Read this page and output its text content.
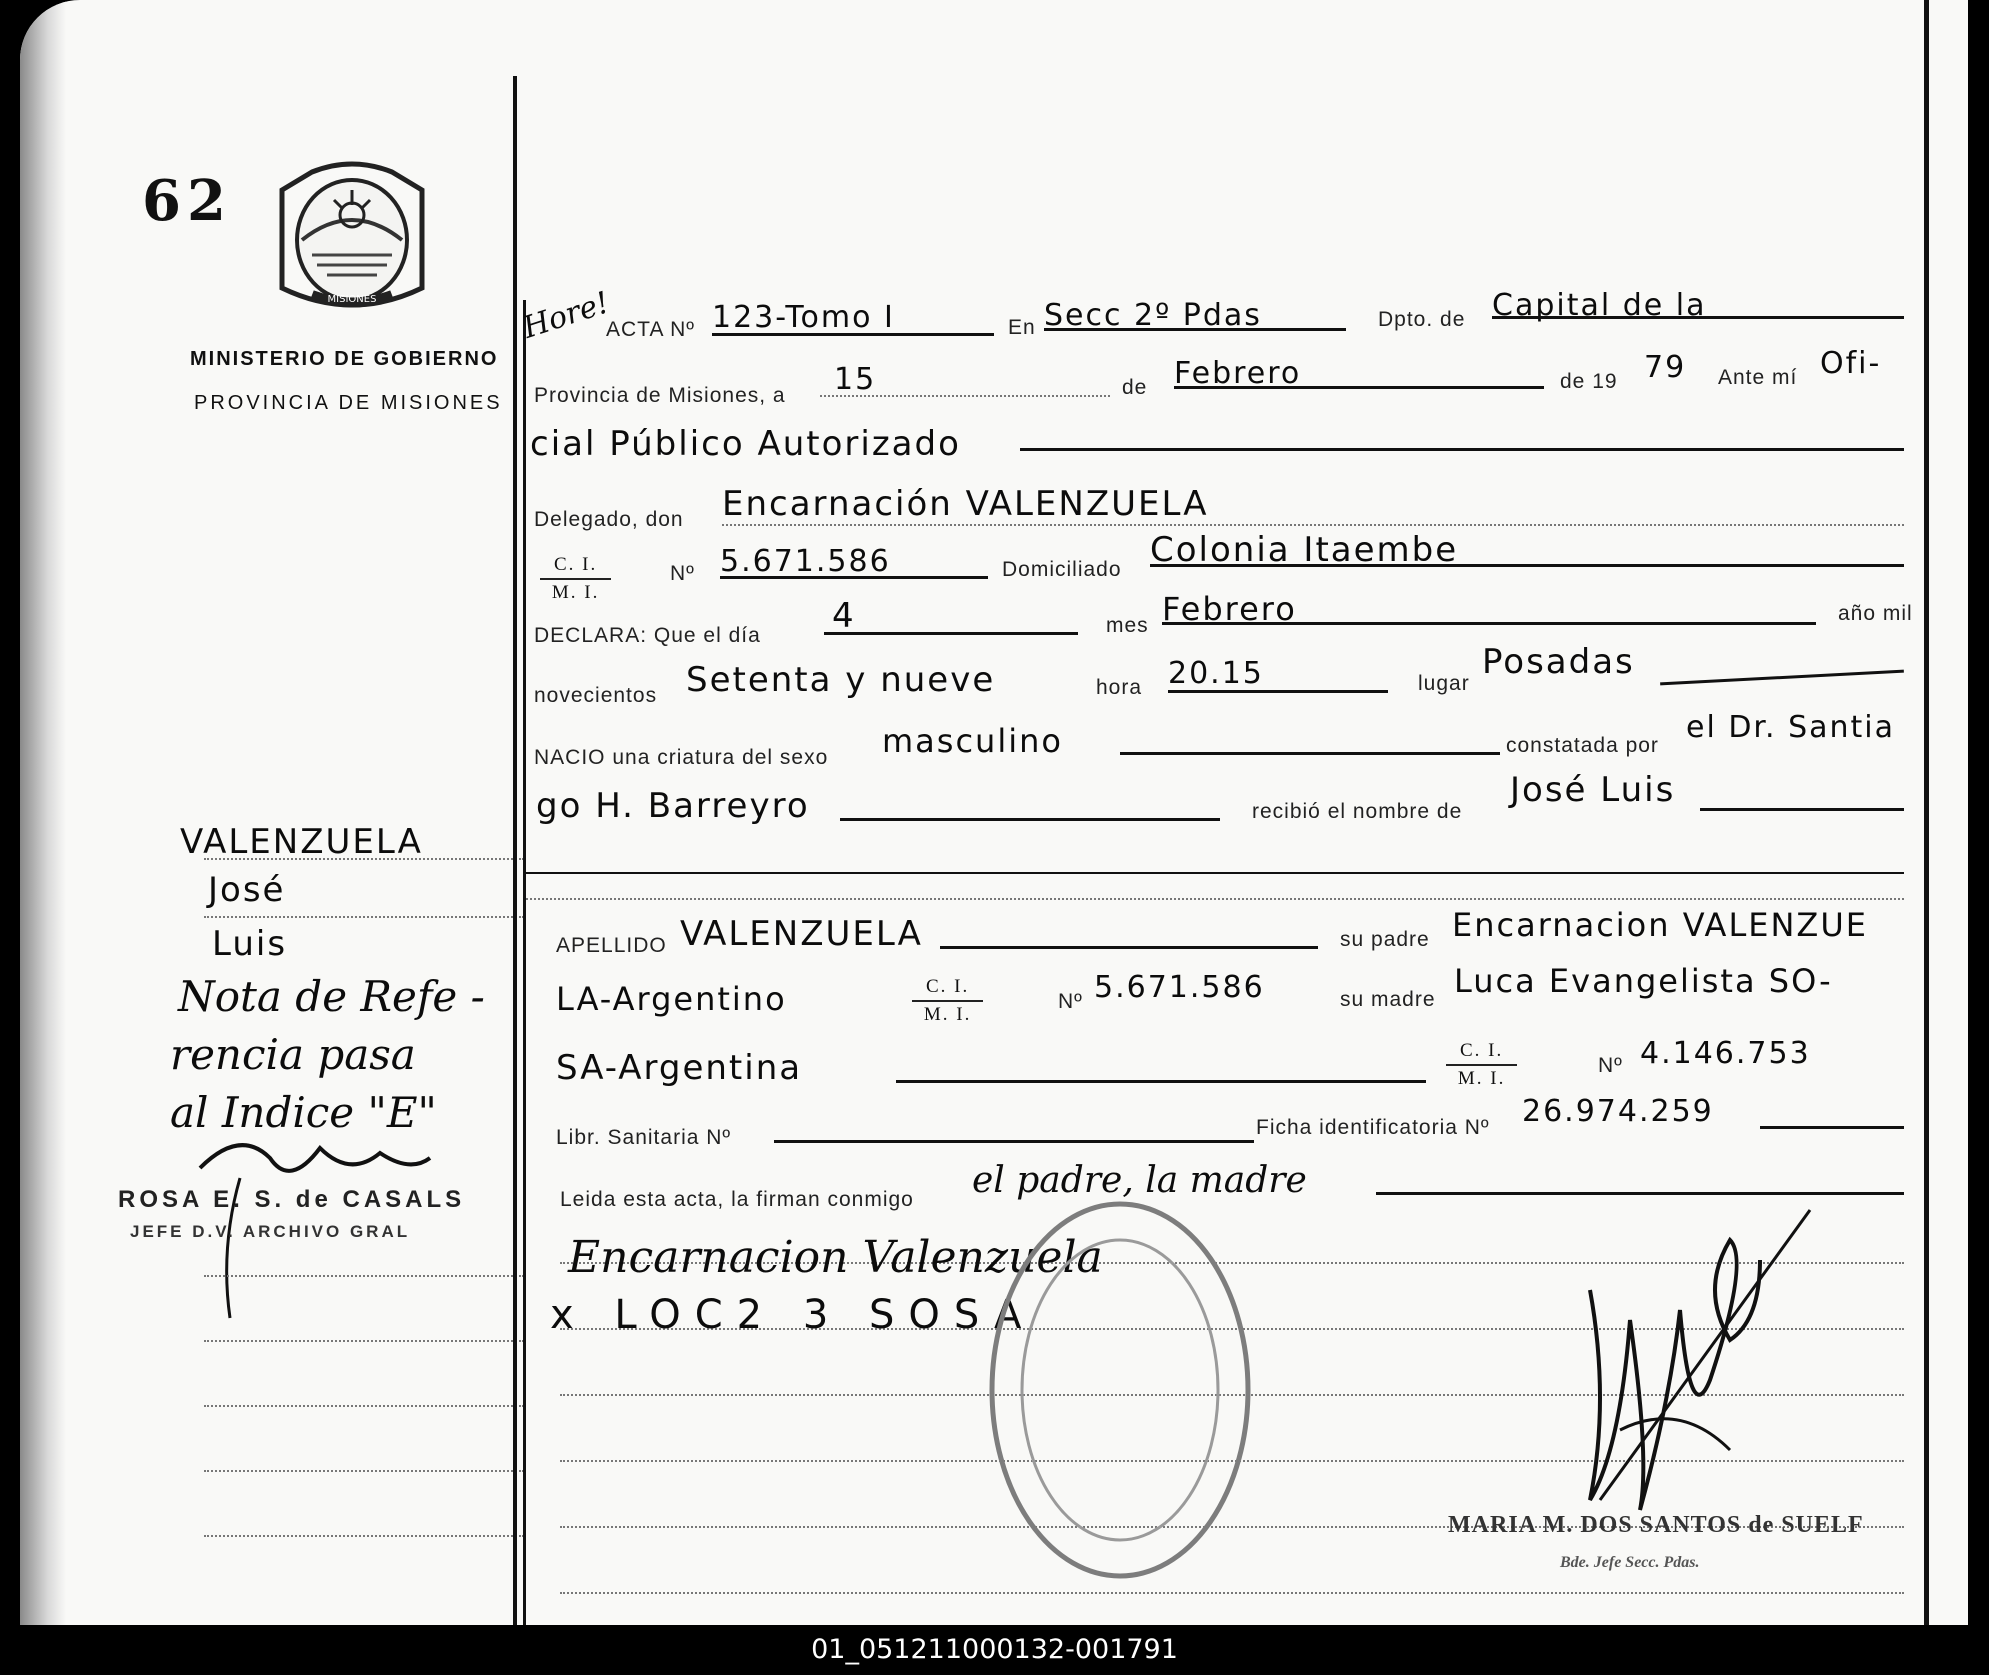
62
MISIONES
MINISTERIO DE GOBIERNO
PROVINCIA DE MISIONES
VALENZUELA
José
Luis
Nota de Refe -
rencia pasa
al Indice "E"
ROSA E. S. de CASALS
JEFE D.V. ARCHIVO GRAL
Hore!
ACTA Nº 123-Tomo I	En Secc 2º Pdas	Dpto. de Capital de la
Provincia de Misiones, a 15	de Febrero	de 19 79 Ante mí Ofi-
cial Público Autorizado
Delegado, don Encarnación VALENZUELA
$\frac{C. I.}{M. I.}$	Nº 5.671.586	Domiciliado Colonia Itaembe
DECLARA: Que el día 4	mes Febrero	año mil
novecientos Setenta y nueve	hora 20.15	lugar
Posadas
NACIO una criatura del sexo masculino	constatada por
el Dr. Santia
go H. Barreyro	recibió el nombre de
José Luis
APELLIDO VALENZUELA	su padre Encarnacion VALENZUE
LA-Argentino	$\frac{C. I.}{M. I.}$	Nº 5.671.586	su madre Luca Evangelista SO-
SA-Argentina	$\frac{C. I.}{M. I.}$	Nº 4.146.753
Libr. Sanitaria Nº	Ficha identificatoria Nº 26.974.259
Leida esta acta, la firman conmigo el padre, la madre
Encarnacion Valenzuela
x LOC2 3 SOSA
MARIA M. DOS SANTOS de SUELF
Bde. Jefe Secc. Pdas.
01_051211000132-001791
